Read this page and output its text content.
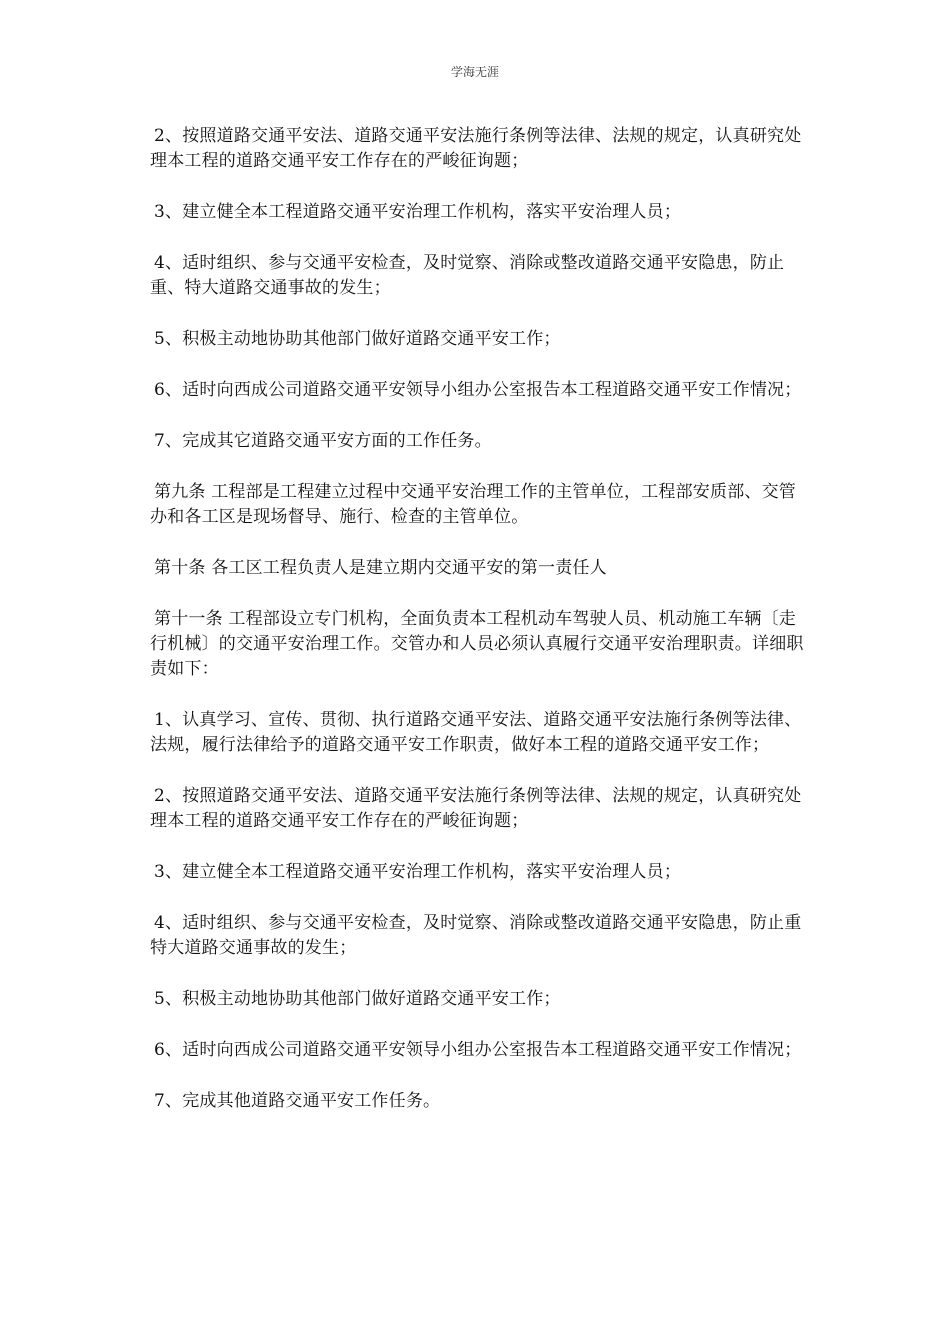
学海无涯

2、按照道路交通平安法、道路交通平安法施行条例等法律、法规的规定，认真研究处理本工程的道路交通平安工作存在的严峻征询题；

3、建立健全本工程道路交通平安治理工作机构，落实平安治理人员；

4、适时组织、参与交通平安检查，及时觉察、消除或整改道路交通平安隐患，防止重、特大道路交通事故的发生；

5、积极主动地协助其他部门做好道路交通平安工作；

6、适时向西成公司道路交通平安领导小组办公室报告本工程道路交通平安工作情况；

7、完成其它道路交通平安方面的工作任务。

第九条 工程部是工程建立过程中交通平安治理工作的主管单位，工程部安质部、交管办和各工区是现场督导、施行、检查的主管单位。

第十条 各工区工程负责人是建立期内交通平安的第一责任人

第十一条 工程部设立专门机构，全面负责本工程机动车驾驶人员、机动施工车辆〔走行机械〕的交通平安治理工作。交管办和人员必须认真履行交通平安治理职责。详细职责如下：

1、认真学习、宣传、贯彻、执行道路交通平安法、道路交通平安法施行条例等法律、法规，履行法律给予的道路交通平安工作职责，做好本工程的道路交通平安工作；

2、按照道路交通平安法、道路交通平安法施行条例等法律、法规的规定，认真研究处理本工程的道路交通平安工作存在的严峻征询题；

3、建立健全本工程道路交通平安治理工作机构，落实平安治理人员；

4、适时组织、参与交通平安检查，及时觉察、消除或整改道路交通平安隐患，防止重特大道路交通事故的发生；

5、积极主动地协助其他部门做好道路交通平安工作；

6、适时向西成公司道路交通平安领导小组办公室报告本工程道路交通平安工作情况；

7、完成其他道路交通平安工作任务。
